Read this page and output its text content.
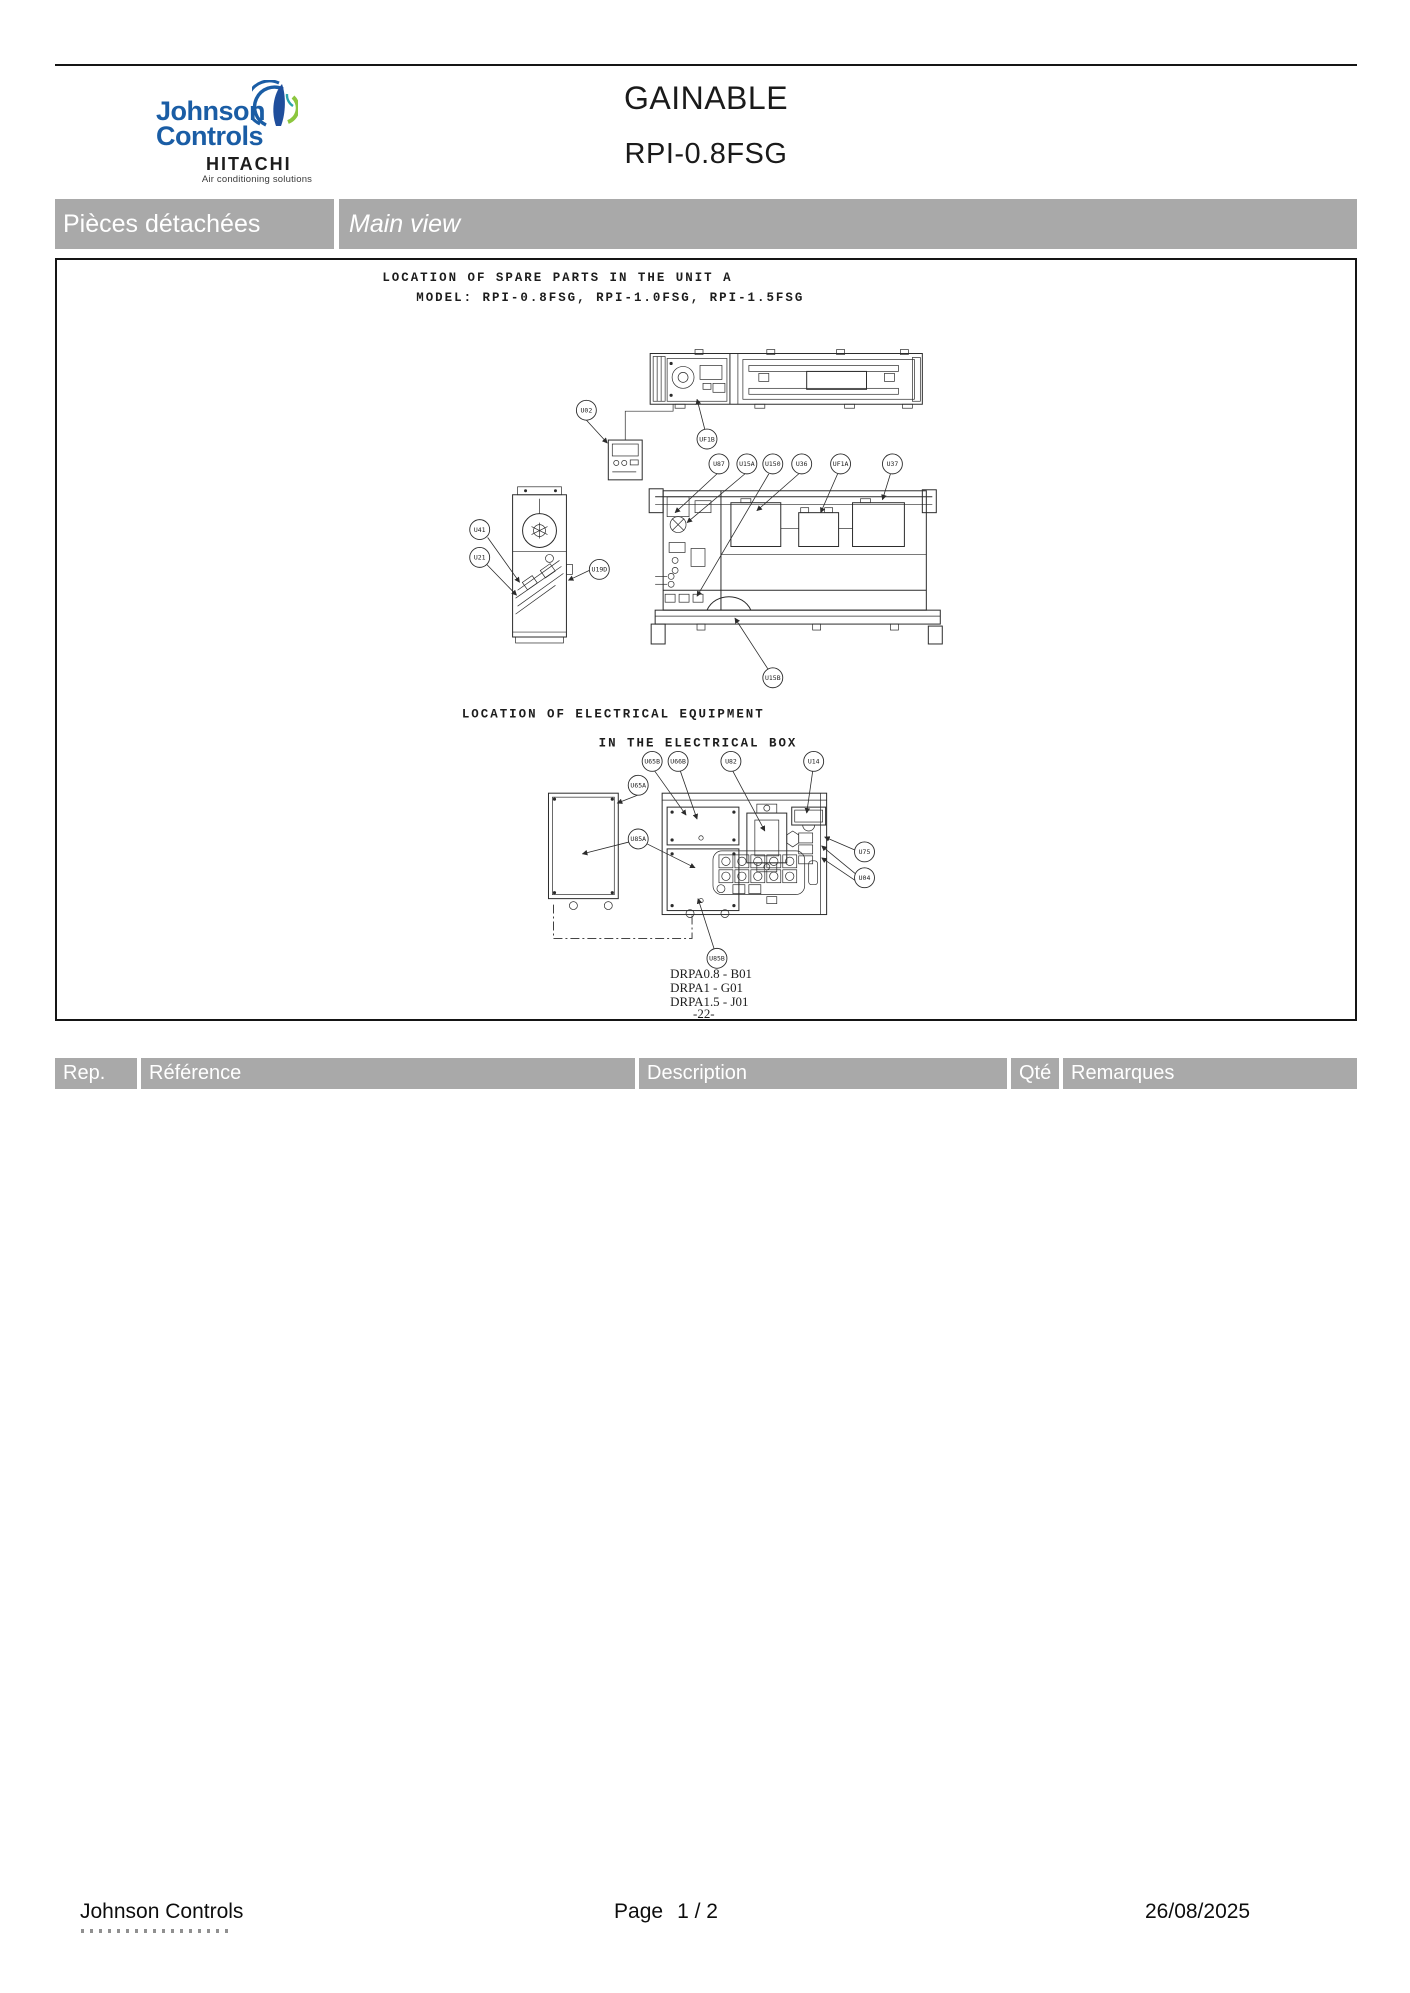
Johnson
Controls
HITACHI
Air conditioning solutions
GAINABLE
RPI-0.8FSG
Pièces détachées	Main view
LOCATION OF SPARE PARTS IN THE UNIT A
MODEL: RPI-0.8FSG, RPI-1.0FSG, RPI-1.5FSG
U02
UF1B
U87 U15A U150 U36	UF1A	U37
U41
U21
U19D
U15B
LOCATION OF ELECTRICAL EQUIPMENT
IN THE ELECTRICAL BOX
U65B U66B	U82	U14
U65A
U85A
U75
U04
U85B
DRPA0.8 - B01
DRPA1 - G01
DRPA1.5 - J01
-22-
Rep.	Référence	Description	Qté Remarques
Johnson Controls	Page 1 / 2	26/08/2025
